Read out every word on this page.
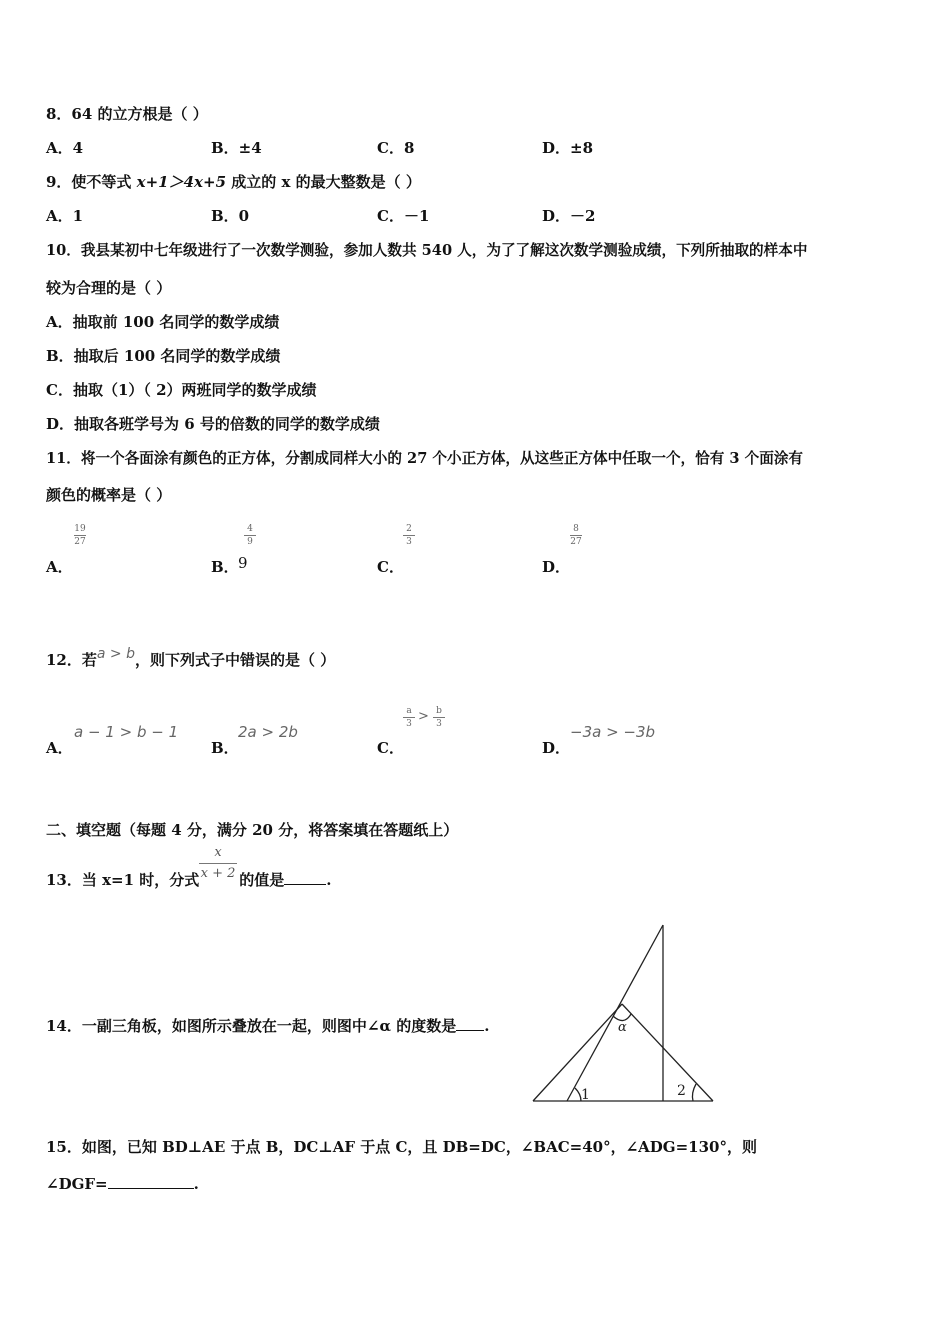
8．64 的立方根是（ ）
A．4	B．±4	C．8	D．±8
9．使不等式 x+1＞4x+5 成立的 x 的最大整数是（ ）
A．1	B．0	C．－1	D．－2
10．我县某初中七年级进行了一次数学测验，参加人数共 540 人，为了了解这次数学测验成绩，下列所抽取的样本中
较为合理的是（ ）
A．抽取前 100 名同学的数学成绩
B．抽取后 100 名同学的数学成绩
C．抽取（1）（ 2）两班同学的数学成绩
D．抽取各班学号为 6 号的倍数的同学的数学成绩
11．将一个各面涂有颜色的正方体，分割成同样大小的 27 个小正方体，从这些正方体中任取一个，恰有 3 个面涂有
颜色的概率是（ ）
A．
19
27
B．
4
9
9	C．
2
3
D．
8
27
12．若a > b，则下列式子中错误的是（ ）
A．
a − 1 > b − 1
B．
2a > 2b
C．
a
3 > b
3
D．
−3a > −3b
二、填空题（每题 4 分，满分 20 分，将答案填在答题纸上）
13．当 x=1 时，分式	的值是	.
x
x + 2
14．一副三角板，如图所示叠放在一起，则图中∠α 的度数是 .	α
1	2
15．如图，已知 BD⊥AE 于点 B，DC⊥AF 于点 C，且 DB=DC，∠BAC=40°，∠ADG=130°，则
∠DGF=	.
